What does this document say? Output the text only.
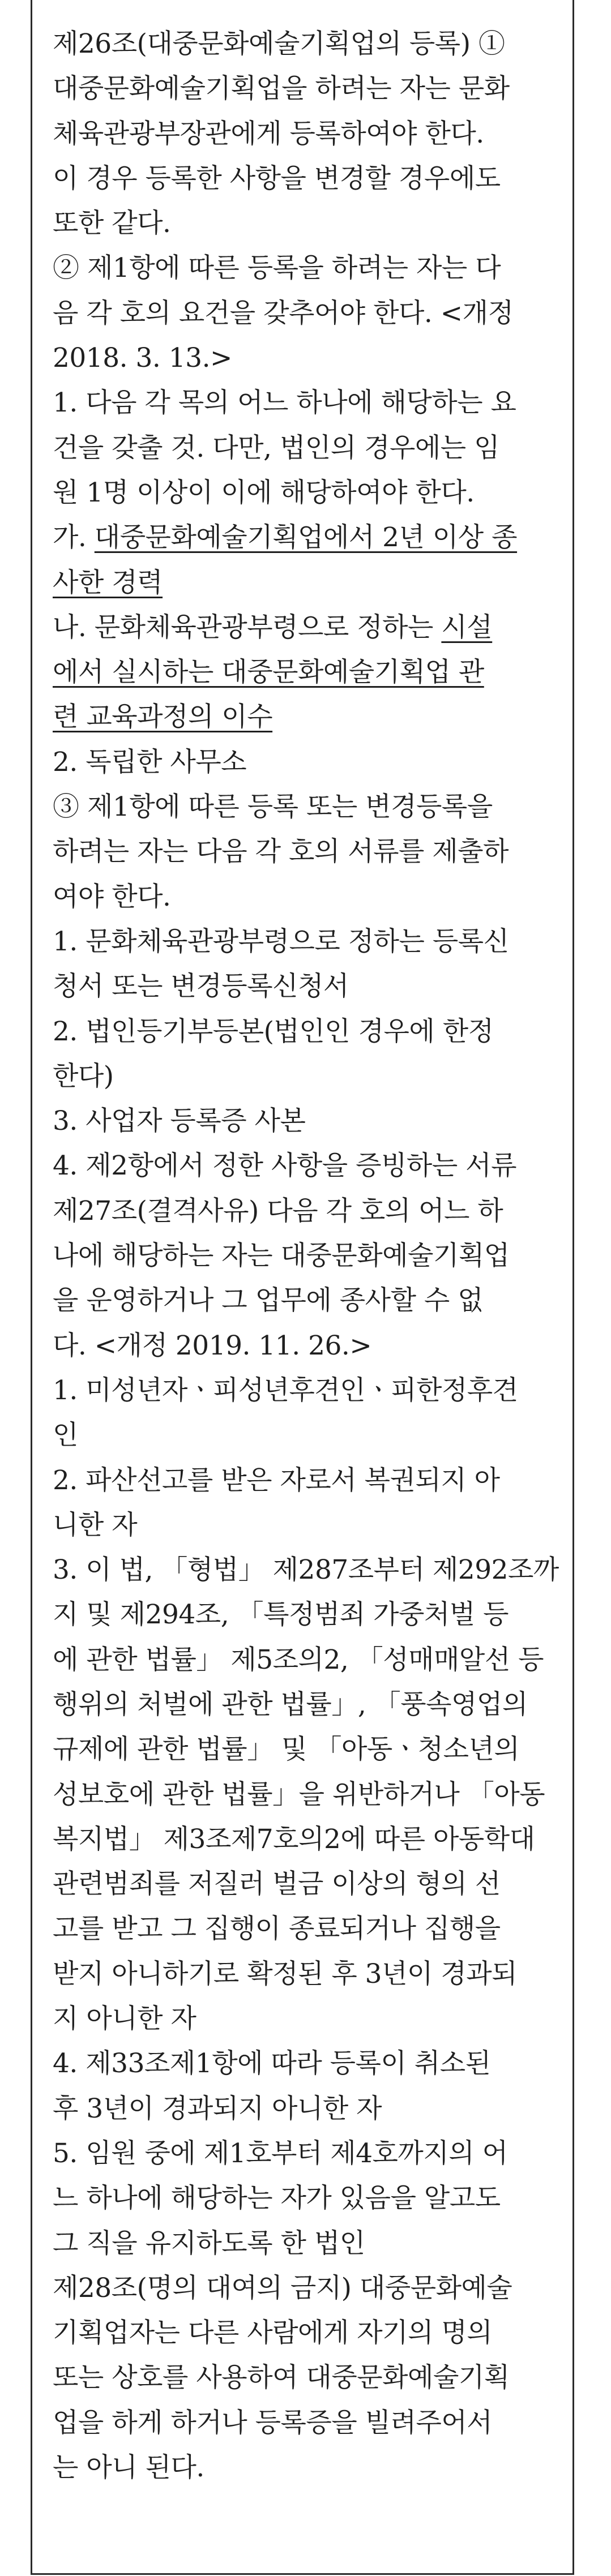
제26조(대중문화예술기획업의 등록) ①
대중문화예술기획업을 하려는 자는 문화
체육관광부장관에게 등록하여야 한다.
이 경우 등록한 사항을 변경할 경우에도
또한 같다.
② 제1항에 따른 등록을 하려는 자는 다
음 각 호의 요건을 갖추어야 한다. <개정
2018. 3. 13.>
1. 다음 각 목의 어느 하나에 해당하는 요
건을 갖출 것. 다만, 법인의 경우에는 임
원 1명 이상이 이에 해당하여야 한다.
가. 대중문화예술기획업에서 2년 이상 종
사한 경력
나. 문화체육관광부령으로 정하는 시설
에서 실시하는 대중문화예술기획업 관
련 교육과정의 이수
2. 독립한 사무소
③ 제1항에 따른 등록 또는 변경등록을
하려는 자는 다음 각 호의 서류를 제출하
여야 한다.
1. 문화체육관광부령으로 정하는 등록신
청서 또는 변경등록신청서
2. 법인등기부등본(법인인 경우에 한정
한다)
3. 사업자 등록증 사본
4. 제2항에서 정한 사항을 증빙하는 서류
제27조(결격사유) 다음 각 호의 어느 하
나에 해당하는 자는 대중문화예술기획업
을 운영하거나 그 업무에 종사할 수 없
다. <개정 2019. 11. 26.>
1. 미성년자ㆍ피성년후견인ㆍ피한정후견
인
2. 파산선고를 받은 자로서 복권되지 아
니한 자
3. 이 법, 「형법」 제287조부터 제292조까
지 및 제294조, 「특정범죄 가중처벌 등
에 관한 법률」 제5조의2, 「성매매알선 등
행위의 처벌에 관한 법률」, 「풍속영업의
규제에 관한 법률」 및 「아동ㆍ청소년의
성보호에 관한 법률」을 위반하거나 「아동
복지법」 제3조제7호의2에 따른 아동학대
관련범죄를 저질러 벌금 이상의 형의 선
고를 받고 그 집행이 종료되거나 집행을
받지 아니하기로 확정된 후 3년이 경과되
지 아니한 자
4. 제33조제1항에 따라 등록이 취소된
후 3년이 경과되지 아니한 자
5. 임원 중에 제1호부터 제4호까지의 어
느 하나에 해당하는 자가 있음을 알고도
그 직을 유지하도록 한 법인
제28조(명의 대여의 금지) 대중문화예술
기획업자는 다른 사람에게 자기의 명의
또는 상호를 사용하여 대중문화예술기획
업을 하게 하거나 등록증을 빌려주어서
는 아니 된다.
